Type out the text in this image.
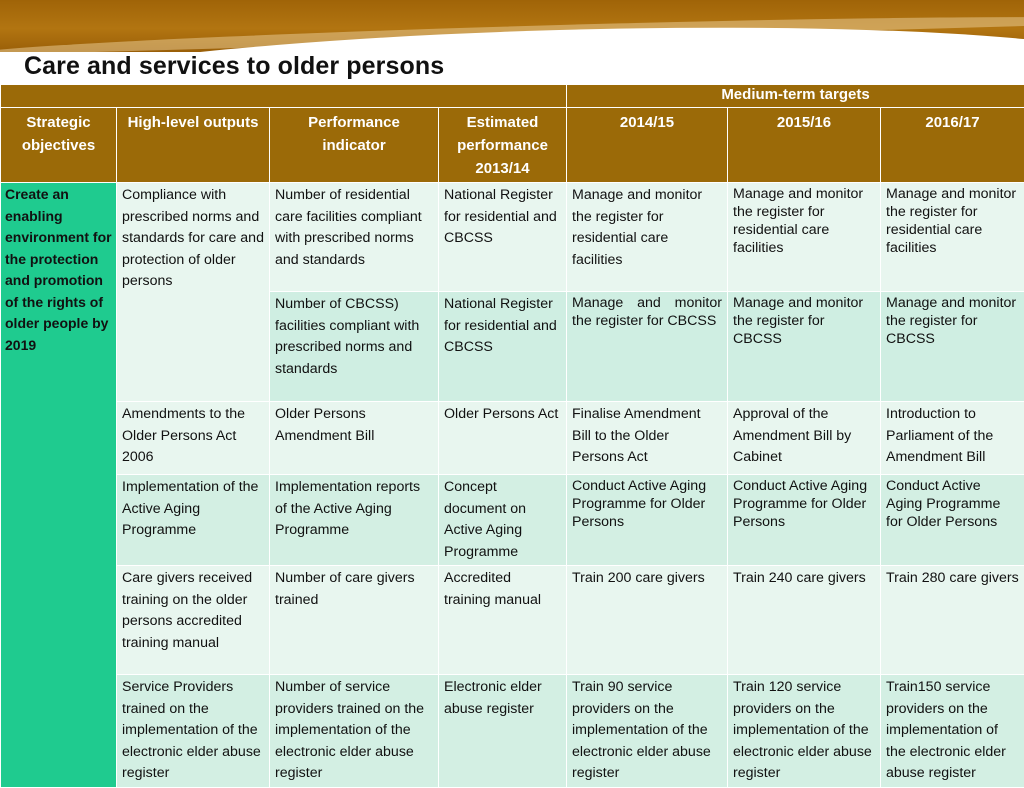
Care and services to older persons
				Medium-term targets		
Strategic objectives	High-level outputs	Performance indicator	Estimated performance 2013/14	2014/15	2015/16	2016/17
Create an enabling environment for the protection and promotion of the rights of older people by 2019	Compliance with prescribed norms and standards for care and protection of older persons	Number of residential care facilities compliant with prescribed norms and standards	National Register for residential and CBCSS	Manage and monitor the register for residential care facilities	Manage and monitor the register for residential care facilities	Manage and monitor the register for residential care facilities
		Number of CBCSS) facilities compliant with prescribed norms and standards	National Register for residential and CBCSS	Manage and monitor the register for CBCSS	Manage and monitor the register for CBCSS	Manage and monitor the register for CBCSS
	Amendments to the Older Persons Act 2006	Older Persons Amendment Bill	Older Persons Act	Finalise Amendment Bill to the Older Persons Act	Approval of the Amendment Bill by Cabinet	Introduction to Parliament of the Amendment Bill
	Implementation of the Active Aging Programme	Implementation reports of the Active Aging Programme	Concept document on Active Aging Programme	Conduct Active Aging Programme for Older Persons	Conduct Active Aging Programme for Older Persons	Conduct Active Aging Programme for Older Persons
	Care givers received training on the older persons accredited training manual	Number of care givers trained	Accredited training manual	Train 200 care givers	Train 240 care givers	Train 280 care givers
	Service Providers trained on the implementation of the electronic elder abuse register	Number of service providers trained on the implementation of the electronic elder abuse register	Electronic elder abuse register	Train 90 service providers on the implementation of the electronic elder abuse register	Train 120 service providers on the implementation of the electronic elder abuse register	Train150 service providers on the implementation of the electronic elder abuse register
